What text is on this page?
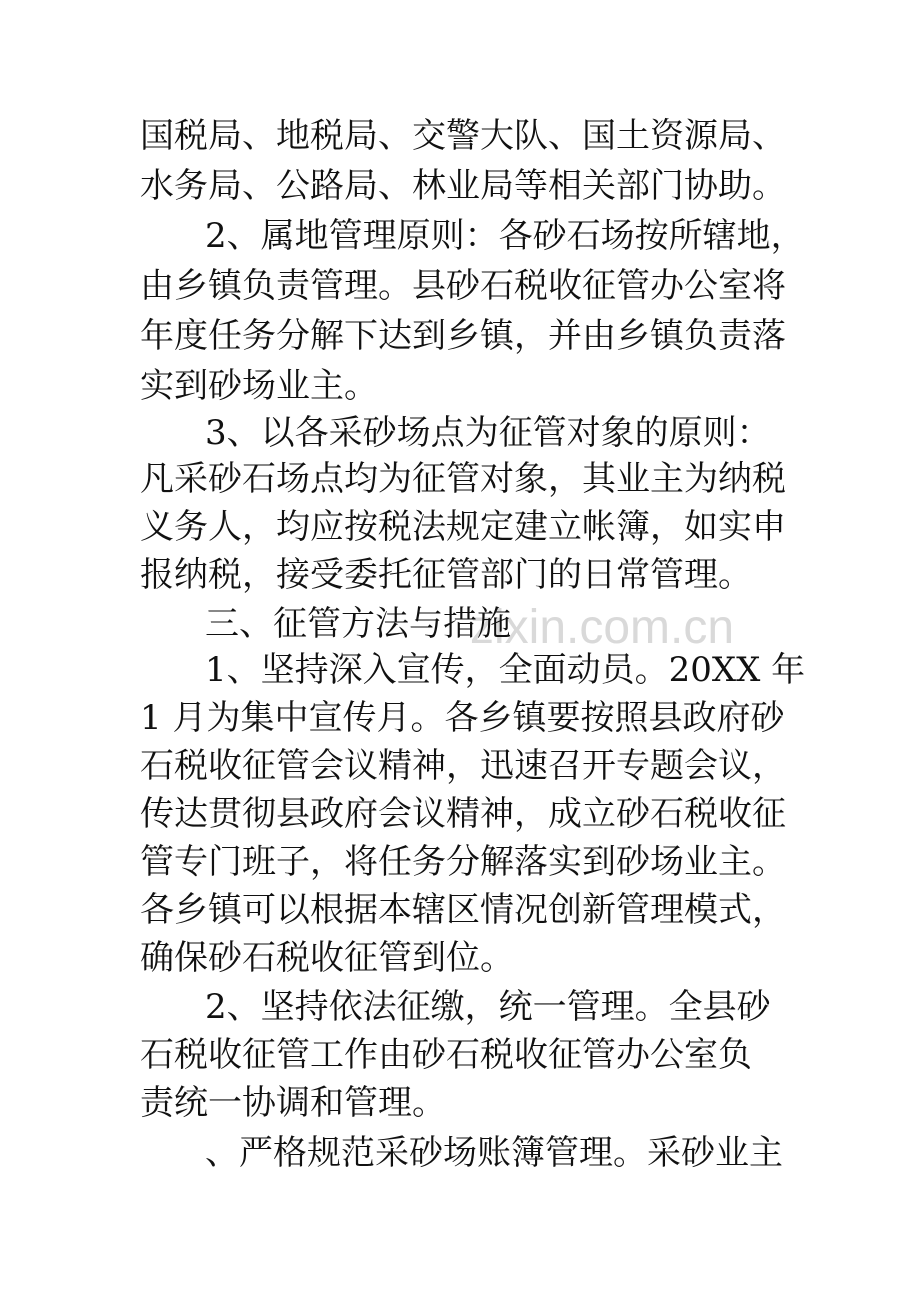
zixin.com.cn
国税局、地税局、交警大队、国土资源局、
水务局、公路局、林业局等相关部门协助。
2、属地管理原则：各砂石场按所辖地，
由乡镇负责管理。县砂石税收征管办公室将
年度任务分解下达到乡镇，并由乡镇负责落
实到砂场业主。
3、以各采砂场点为征管对象的原则：
凡采砂石场点均为征管对象，其业主为纳税
义务人，均应按税法规定建立帐簿，如实申
报纳税，接受委托征管部门的日常管理。
三、征管方法与措施
1、坚持深入宣传，全面动员。20XX 年
1 月为集中宣传月。各乡镇要按照县政府砂
石税收征管会议精神，迅速召开专题会议，
传达贯彻县政府会议精神，成立砂石税收征
管专门班子，将任务分解落实到砂场业主。
各乡镇可以根据本辖区情况创新管理模式，
确保砂石税收征管到位。
2、坚持依法征缴，统一管理。全县砂
石税收征管工作由砂石税收征管办公室负
责统一协调和管理。
、严格规范采砂场账簿管理。采砂业主
